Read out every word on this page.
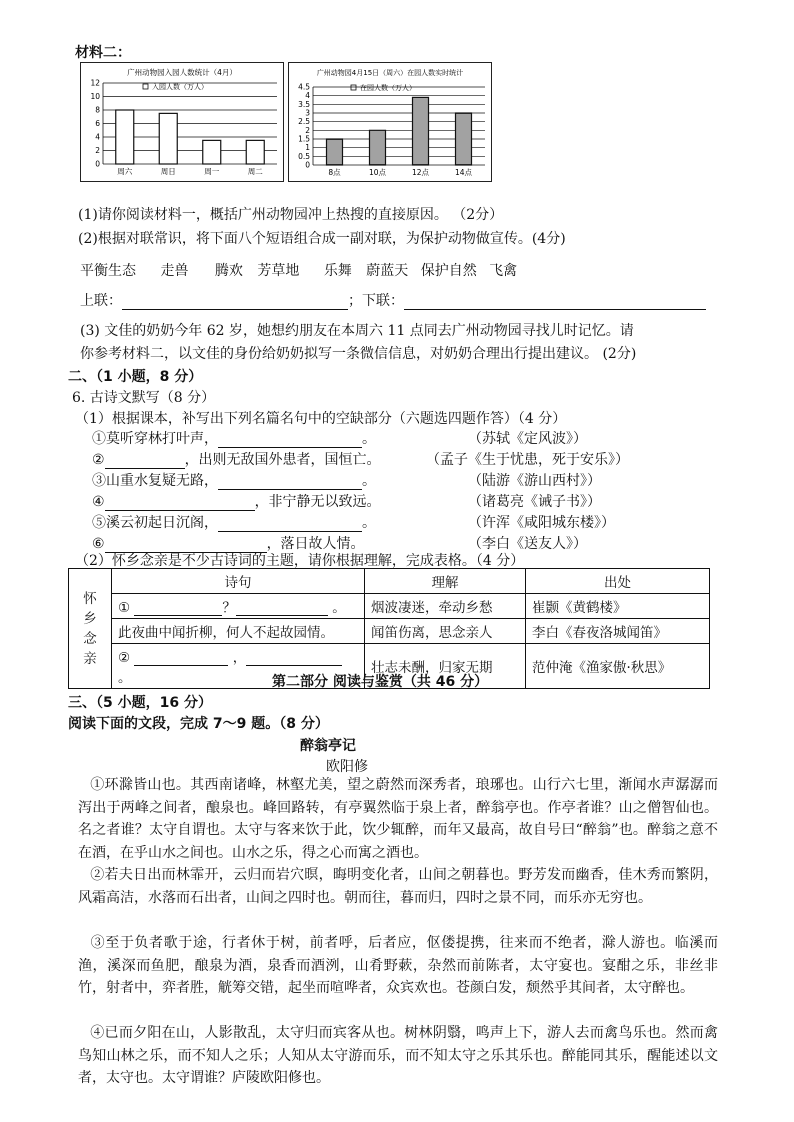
材料二：
广州动物园入园人数统计（4月）
入园人数（万人）
12
10
8
6
4
2
0
周六	周日	周一	周二
广州动物园4月15日（周六）在园人数实时统计
在园人数（万人）
4.5
4
3.5
3
2.5
2
1.5
1
0.5
0
8点	10点	12点	14点
(1)请你阅读材料一，概括广州动物园冲上热搜的直接原因。 （2分）
(2)根据对联常识，将下面八个短语组合成一副对联，为保护动物做宣传。(4分)
平衡生态 走兽 腾欢 芳草地 乐舞 蔚蓝天 保护自然 飞禽
上联：	；下联：
(3) 文佳的奶奶今年 62 岁，她想约朋友在本周六 11 点同去广州动物园寻找儿时记忆。请
你参考材料二，以文佳的身份给奶奶拟写一条微信信息，对奶奶合理出行提出建议。 (2分)
二、（1 小题，8 分）
6. 古诗文默写（8 分）
（1）根据课本，补写出下列名篇名句中的空缺部分（六题选四题作答）（4 分）
①莫听穿林打叶声，	。	（苏轼《定风波》）
②	，出则无敌国外患者，国恒亡。	（孟子《生于忧患，死于安乐》）
③山重水复疑无路，	。	（陆游《游山西村》）
④	，非宁静无以致远。	（诸葛亮《诫子书》）
⑤溪云初起日沉阁，	。	（许浑《咸阳城东楼》）
⑥	，落日故人情。	（李白《送友人》）
（2）怀乡念亲是不少古诗词的主题，请你根据理解，完成表格。（4 分）
怀
乡
念
亲	诗句	理解	出处
	① ？ 。	烟波凄迷，牵动乡愁	崔颢《黄鹤楼》
	此夜曲中闻折柳，何人不起故园情。	闻笛伤离，思念亲人	李白《春夜洛城闻笛》
	② ， 。	壮志未酬，归家无期	范仲淹《渔家傲·秋思》
第二部分 阅读与鉴赏（共 46 分）
三、（5 小题，16 分）
阅读下面的文段，完成 7～9 题。（8 分）
醉翁亭记
欧阳修
①环滁皆山也。其西南诸峰，林壑尤美，望之蔚然而深秀者，琅琊也。山行六七里，渐闻水声潺潺而泻出于两峰之间者，酿泉也。峰回路转，有亭翼然临于泉上者，醉翁亭也。作亭者谁？山之僧智仙也。名之者谁？太守自谓也。太守与客来饮于此，饮少辄醉，而年又最高，故自号曰“醉翁”也。醉翁之意不在酒，在乎山水之间也。山水之乐，得之心而寓之酒也。
②若夫日出而林霏开，云归而岩穴暝，晦明变化者，山间之朝暮也。野芳发而幽香，佳木秀而繁阴，风霜高洁，水落而石出者，山间之四时也。朝而往，暮而归，四时之景不同，而乐亦无穷也。
③至于负者歌于途，行者休于树，前者呼，后者应，伛偻提携，往来而不绝者，滁人游也。临溪而渔，溪深而鱼肥，酿泉为酒，泉香而酒洌，山肴野蔌，杂然而前陈者，太守宴也。宴酣之乐，非丝非竹，射者中，弈者胜，觥筹交错，起坐而喧哗者，众宾欢也。苍颜白发，颓然乎其间者，太守醉也。
④已而夕阳在山，人影散乱，太守归而宾客从也。树林阴翳，鸣声上下，游人去而禽鸟乐也。然而禽鸟知山林之乐，而不知人之乐；人知从太守游而乐，而不知太守之乐其乐也。醉能同其乐，醒能述以文者，太守也。太守谓谁？庐陵欧阳修也。
